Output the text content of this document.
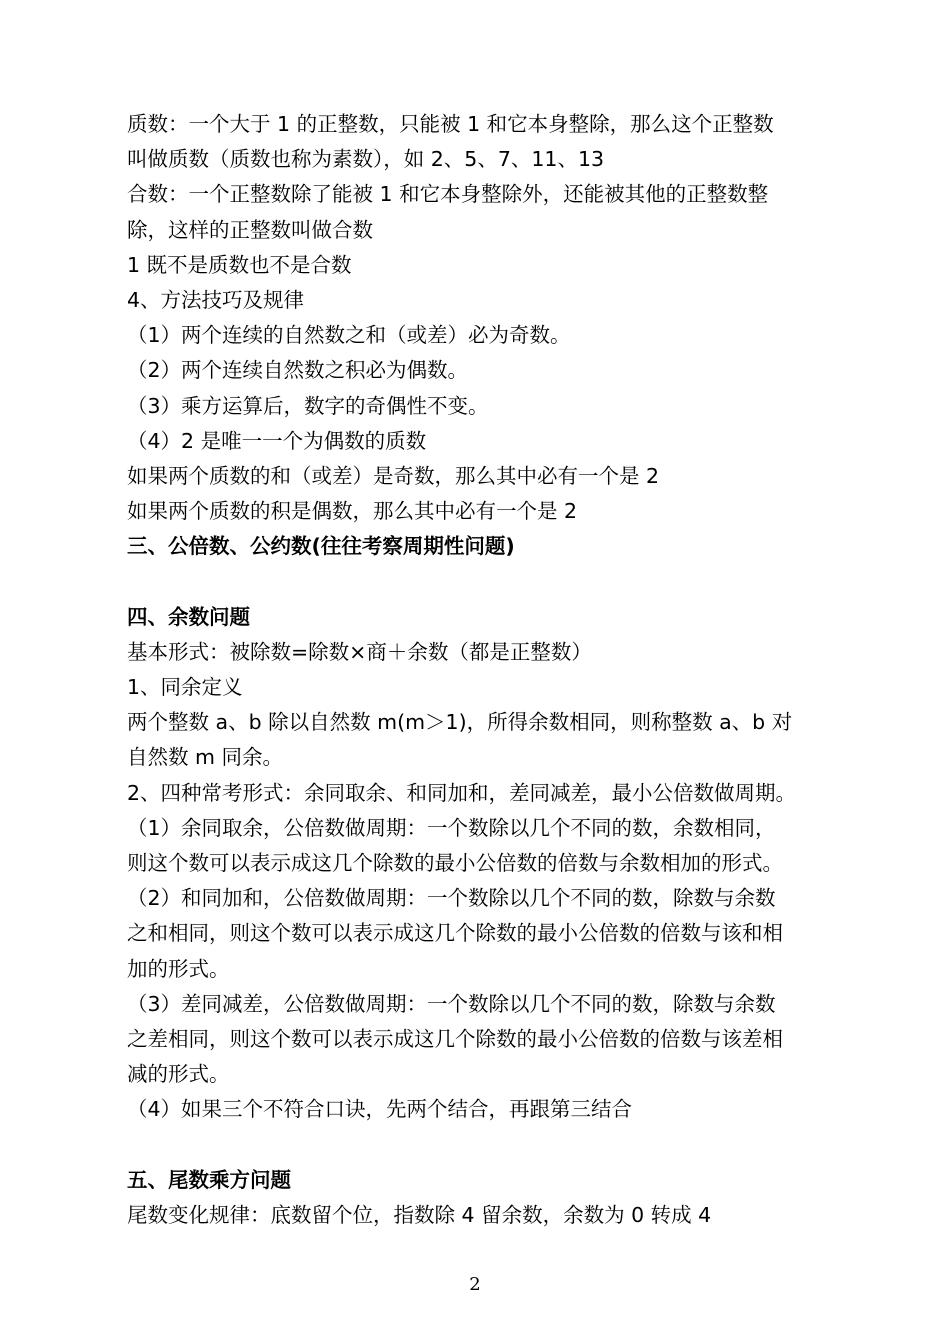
质数：一个大于 1 的正整数，只能被 1 和它本身整除，那么这个正整数
叫做质数（质数也称为素数），如 2、5、7、11、13
合数：一个正整数除了能被 1 和它本身整除外，还能被其他的正整数整
除，这样的正整数叫做合数
1 既不是质数也不是合数
4、方法技巧及规律
（1）两个连续的自然数之和（或差）必为奇数。
（2）两个连续自然数之积必为偶数。
（3）乘方运算后，数字的奇偶性不变。
（4）2 是唯一一个为偶数的质数
如果两个质数的和（或差）是奇数，那么其中必有一个是 2
如果两个质数的积是偶数，那么其中必有一个是 2
三、公倍数、公约数(往往考察周期性问题)
四、余数问题
基本形式：被除数=除数×商＋余数（都是正整数）
1、同余定义
两个整数 a、b 除以自然数 m(m＞1)，所得余数相同，则称整数 a、b 对
自然数 m 同余。
2、四种常考形式：余同取余、和同加和，差同减差，最小公倍数做周期。
（1）余同取余，公倍数做周期：一个数除以几个不同的数，余数相同，
则这个数可以表示成这几个除数的最小公倍数的倍数与余数相加的形式。
（2）和同加和，公倍数做周期：一个数除以几个不同的数，除数与余数
之和相同，则这个数可以表示成这几个除数的最小公倍数的倍数与该和相
加的形式。
（3）差同减差，公倍数做周期：一个数除以几个不同的数，除数与余数
之差相同，则这个数可以表示成这几个除数的最小公倍数的倍数与该差相
减的形式。
（4）如果三个不符合口诀，先两个结合，再跟第三结合
五、尾数乘方问题
尾数变化规律：底数留个位，指数除 4 留余数，余数为 0 转成 4
2
